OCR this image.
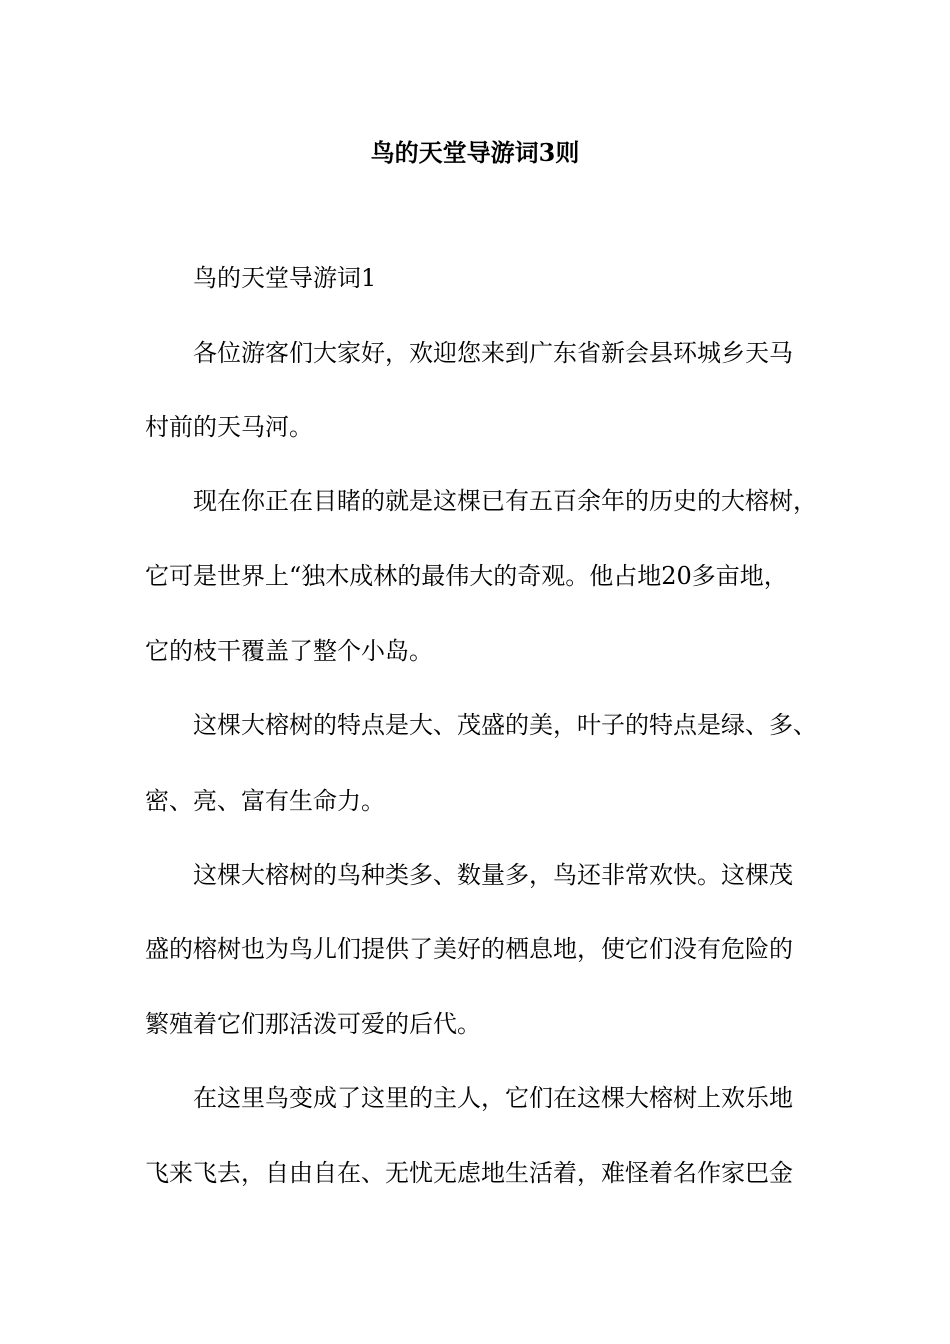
鸟的天堂导游词3则
鸟的天堂导游词1
各位游客们大家好，欢迎您来到广东省新会县环城乡天马
村前的天马河。
现在你正在目睹的就是这棵已有五百余年的历史的大榕树，
它可是世界上“独木成林的最伟大的奇观。他占地20多亩地，
它的枝干覆盖了整个小岛。
这棵大榕树的特点是大、茂盛的美，叶子的特点是绿、多、
密、亮、富有生命力。
这棵大榕树的鸟种类多、数量多，鸟还非常欢快。这棵茂
盛的榕树也为鸟儿们提供了美好的栖息地，使它们没有危险的
繁殖着它们那活泼可爱的后代。
在这里鸟变成了这里的主人，它们在这棵大榕树上欢乐地
飞来飞去，自由自在、无忧无虑地生活着，难怪着名作家巴金
